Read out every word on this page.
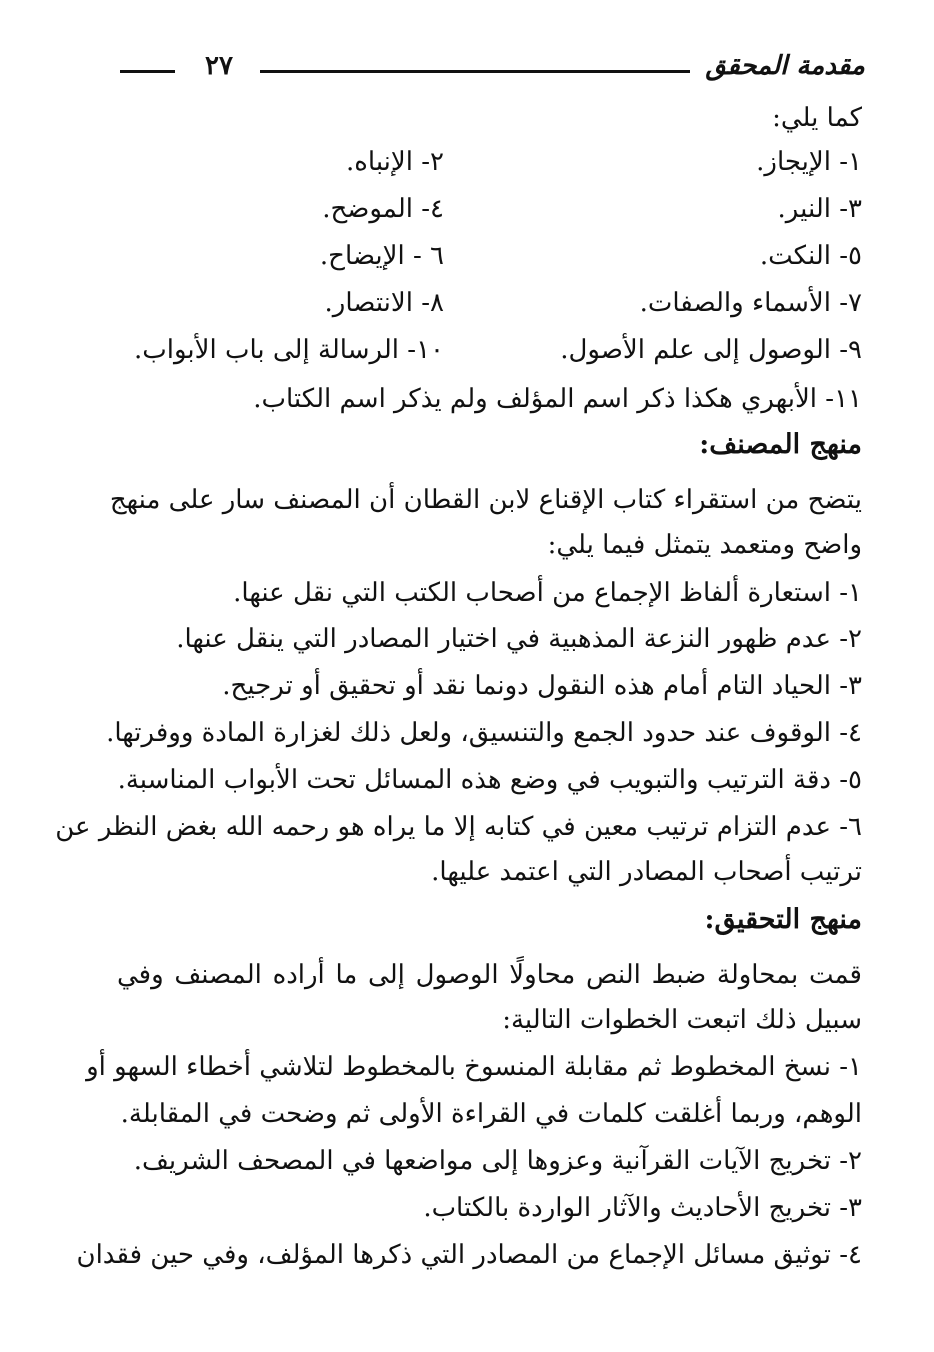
مقدمة المحقق
٢٧
كما يلي:
١- الإيجاز.
٢- الإنباه.
٣- النير.
٤- الموضح.
٥- النكت.
٦ - الإيضاح.
٧- الأسماء والصفات.
٨- الانتصار.
٩- الوصول إلى علم الأصول.
١٠- الرسالة إلى باب الأبواب.
١١- الأبهري هكذا ذكر اسم المؤلف ولم يذكر اسم الكتاب.
منهج المصنف:
يتضح من استقراء كتاب الإقناع لابن القطان أن المصنف سار على منهج
واضح ومتعمد يتمثل فيما يلي:
١- استعارة ألفاظ الإجماع من أصحاب الكتب التي نقل عنها.
٢- عدم ظهور النزعة المذهبية في اختيار المصادر التي ينقل عنها.
٣- الحياد التام أمام هذه النقول دونما نقد أو تحقيق أو ترجيح.
٤- الوقوف عند حدود الجمع والتنسيق، ولعل ذلك لغزارة المادة ووفرتها.
٥- دقة الترتيب والتبويب في وضع هذه المسائل تحت الأبواب المناسبة.
٦- عدم التزام ترتيب معين في كتابه إلا ما يراه هو رحمه الله بغض النظر عن
ترتيب أصحاب المصادر التي اعتمد عليها.
منهج التحقيق:
قمت بمحاولة ضبط النص محاولًا الوصول إلى ما أراده المصنف وفي
سبيل ذلك اتبعت الخطوات التالية:
١- نسخ المخطوط ثم مقابلة المنسوخ بالمخطوط لتلاشي أخطاء السهو أو
الوهم، وربما أغلقت كلمات في القراءة الأولى ثم وضحت في المقابلة.
٢- تخريج الآيات القرآنية وعزوها إلى مواضعها في المصحف الشريف.
٣- تخريج الأحاديث والآثار الواردة بالكتاب.
٤- توثيق مسائل الإجماع من المصادر التي ذكرها المؤلف، وفي حين فقدان
